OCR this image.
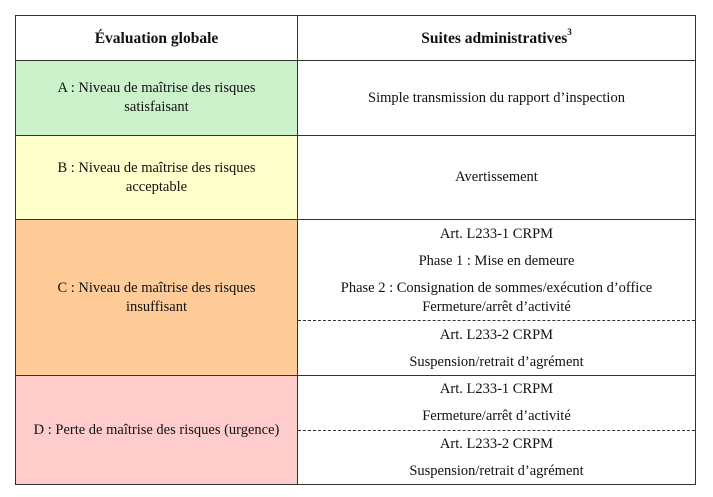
Évaluation globale	Suites administratives$^3$
A : Niveau de maîtrise des risques satisfaisant
Simple transmission du rapport d’inspection
B : Niveau de maîtrise des risques acceptable
Avertissement
C : Niveau de maîtrise des risques insuffisant
Art. L233-1 CRPM
Phase 1 : Mise en demeure
Phase 2 : Consignation de sommes/exécution d’office
Fermeture/arrêt d’activité
Art. L233-2 CRPM
Suspension/retrait d’agrément
D : Perte de maîtrise des risques (urgence)
Art. L233-1 CRPM
Fermeture/arrêt d’activité
Art. L233-2 CRPM
Suspension/retrait d’agrément
